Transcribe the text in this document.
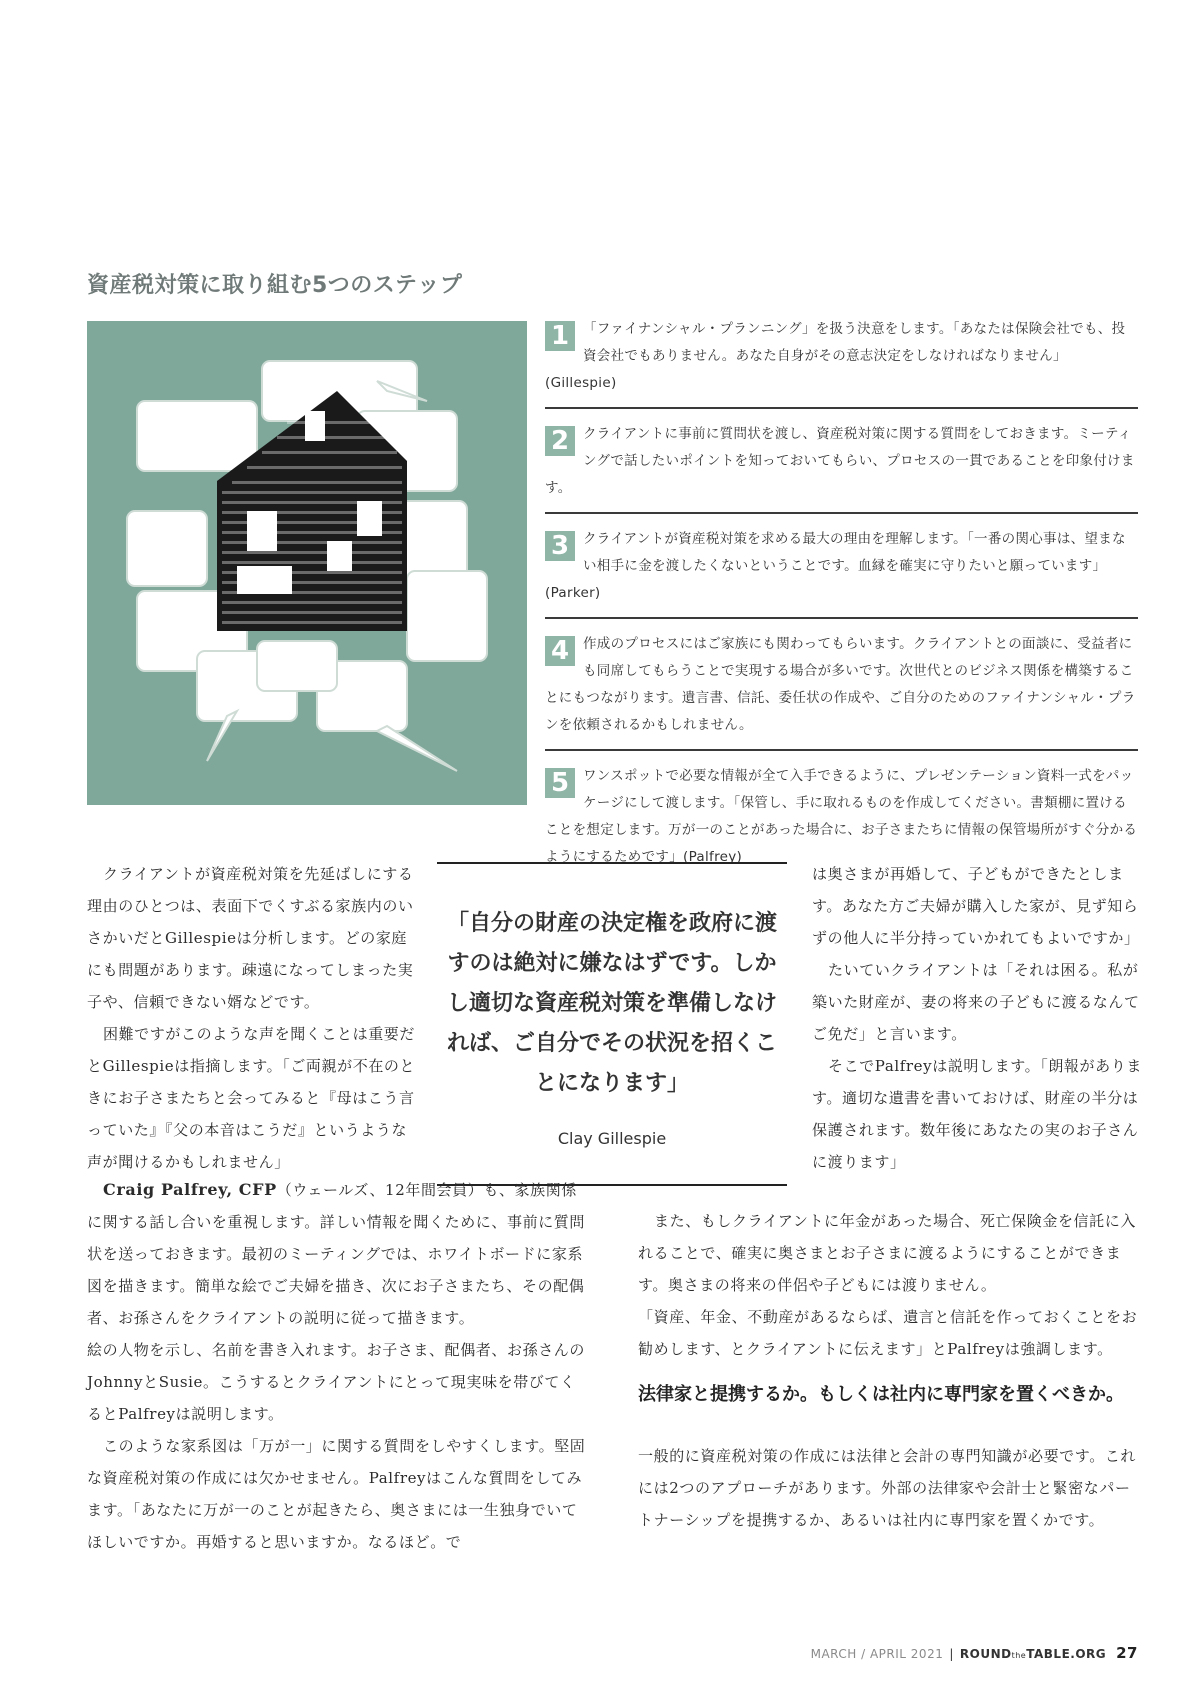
資産税対策に取り組む5つのステップ
1	「ファイナンシャル・プランニング」を扱う決意をします。「あなたは保険会社でも、投資会社でもありません。あなた自身がその意志決定をしなければなりません」(Gillespie)
2	クライアントに事前に質問状を渡し、資産税対策に関する質問をしておきます。ミーティングで話したいポイントを知っておいてもらい、プロセスの一貫であることを印象付けます。
3	クライアントが資産税対策を求める最大の理由を理解します。「一番の関心事は、望まない相手に金を渡したくないということです。血縁を確実に守りたいと願っています」(Parker)
4	作成のプロセスにはご家族にも関わってもらいます。クライアントとの面談に、受益者にも同席してもらうことで実現する場合が多いです。次世代とのビジネス関係を構築することにもつながります。遺言書、信託、委任状の作成や、ご自分のためのファイナンシャル・プランを依頼されるかもしれません。
5	ワンスポットで必要な情報が全て入手できるように、プレゼンテーション資料一式をパッケージにして渡します。「保管し、手に取れるものを作成してください。書類棚に置けることを想定します。万が一のことがあった場合に、お子さまたちに情報の保管場所がすぐ分かるようにするためです」(Palfrey)

クライアントが資産税対策を先延ばしにする理由のひとつは、表面下でくすぶる家族内のいさかいだとGillespieは分析します。どの家庭にも問題があります。疎遠になってしまった実子や、信頼できない婿などです。

困難ですがこのような声を聞くことは重要だとGillespieは指摘します。「ご両親が不在のときにお子さまたちと会ってみると『母はこう言っていた』『父の本音はこうだ』というような声が聞けるかもしれません」

「自分の財産の決定権を政府に渡すのは絶対に嫌なはずです。しかし適切な資産税対策を準備しなければ、ご自分でその状況を招くことになります」
Clay Gillespie

は奥さまが再婚して、子どもができたとします。あなた方ご夫婦が購入した家が、見ず知らずの他人に半分持っていかれてもよいですか」

たいていクライアントは「それは困る。私が築いた財産が、妻の将来の子どもに渡るなんてご免だ」と言います。

そこでPalfreyは説明します。「朗報があります。適切な遺書を書いておけば、財産の半分は保護されます。数年後にあなたの実のお子さんに渡ります」

Craig Palfrey, CFP（ウェールズ、12年間会員）も、家族関係に関する話し合いを重視します。詳しい情報を聞くために、事前に質問状を送っておきます。最初のミーティングでは、ホワイトボードに家系図を描きます。簡単な絵でご夫婦を描き、次にお子さまたち、その配偶者、お孫さんをクライアントの説明に従って描きます。

絵の人物を示し、名前を書き入れます。お子さま、配偶者、お孫さんのJohnnyとSusie。こうするとクライアントにとって現実味を帯びてくるとPalfreyは説明します。

このような家系図は「万が一」に関する質問をしやすくします。堅固な資産税対策の作成には欠かせません。Palfreyはこんな質問をしてみます。「あなたに万が一のことが起きたら、奥さまには一生独身でいてほしいですか。再婚すると思いますか。なるほど。で

また、もしクライアントに年金があった場合、死亡保険金を信託に入れることで、確実に奥さまとお子さまに渡るようにすることができます。奥さまの将来の伴侶や子どもには渡りません。

「資産、年金、不動産があるならば、遺言と信託を作っておくことをお勧めします、とクライアントに伝えます」とPalfreyは強調します。

法律家と提携するか。もしくは社内に専門家を置くべきか。

一般的に資産税対策の作成には法律と会計の専門知識が必要です。これには2つのアプローチがあります。外部の法律家や会計士と緊密なパートナーシップを提携するか、あるいは社内に専門家を置くかです。

MARCH / APRIL 2021 | ROUNDtheTABLE.ORG 27
